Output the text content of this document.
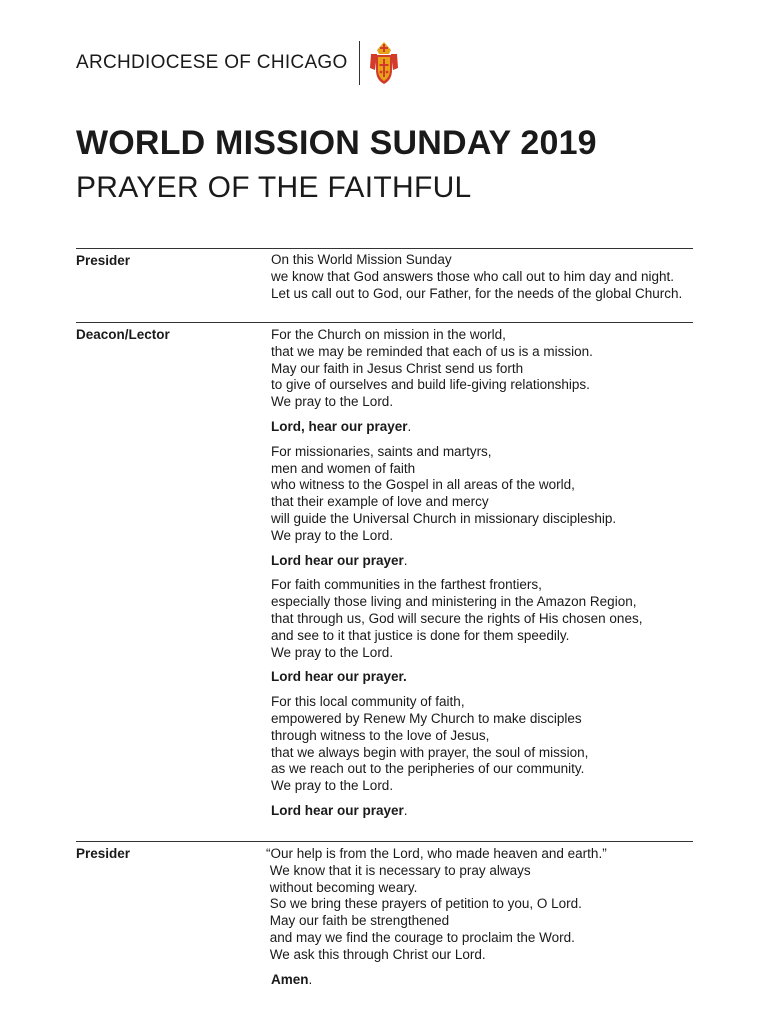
ARCHDIOCESE OF CHICAGO
WORLD MISSION SUNDAY 2019
PRAYER OF THE FAITHFUL
Presider	On this World Mission Sunday
we know that God answers those who call out to him day and night.
Let us call out to God, our Father, for the needs of the global Church.
Deacon/Lector	For the Church on mission in the world,
that we may be reminded that each of us is a mission.
May our faith in Jesus Christ send us forth
to give of ourselves and build life-giving relationships.
We pray to the Lord.
Lord, hear our prayer.
For missionaries, saints and martyrs,
men and women of faith
who witness to the Gospel in all areas of the world,
that their example of love and mercy
will guide the Universal Church in missionary discipleship.
We pray to the Lord.
Lord hear our prayer.
For faith communities in the farthest frontiers,
especially those living and ministering in the Amazon Region,
that through us, God will secure the rights of His chosen ones,
and see to it that justice is done for them speedily.
We pray to the Lord.
Lord hear our prayer.
For this local community of faith,
empowered by Renew My Church to make disciples
through witness to the love of Jesus,
that we always begin with prayer, the soul of mission,
as we reach out to the peripheries of our community.
We pray to the Lord.
Lord hear our prayer.
Presider	“Our help is from the Lord, who made heaven and earth.”
We know that it is necessary to pray always
without becoming weary.
So we bring these prayers of petition to you, O Lord.
May our faith be strengthened
and may we find the courage to proclaim the Word.
We ask this through Christ our Lord.
Amen.
